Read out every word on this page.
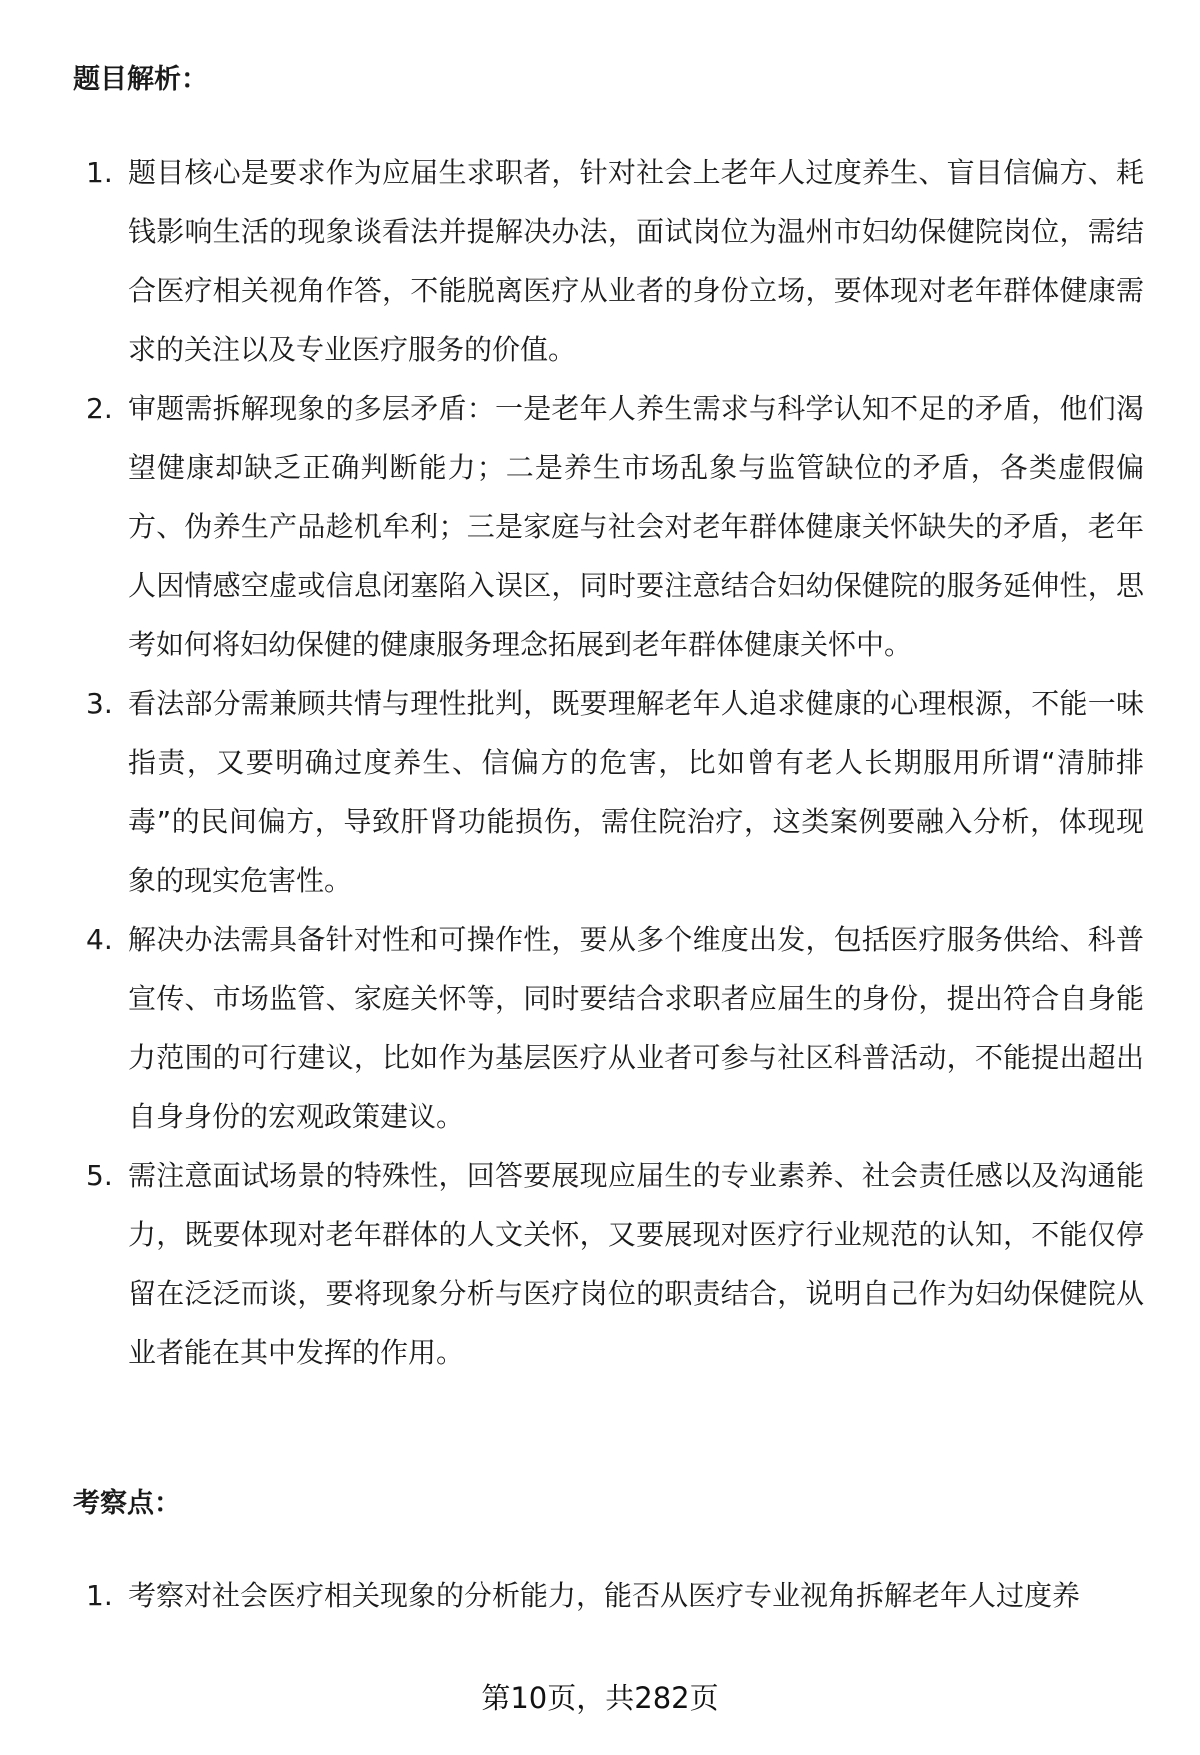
题目解析：
1. 题目核心是要求作为应届生求职者，针对社会上老年人过度养生、盲目信偏方、耗钱影响生活的现象谈看法并提解决办法，面试岗位为温州市妇幼保健院岗位，需结合医疗相关视角作答，不能脱离医疗从业者的身份立场，要体现对老年群体健康需求的关注以及专业医疗服务的价值。
2. 审题需拆解现象的多层矛盾：一是老年人养生需求与科学认知不足的矛盾，他们渴望健康却缺乏正确判断能力；二是养生市场乱象与监管缺位的矛盾，各类虚假偏方、伪养生产品趁机牟利；三是家庭与社会对老年群体健康关怀缺失的矛盾，老年人因情感空虚或信息闭塞陷入误区，同时要注意结合妇幼保健院的服务延伸性，思考如何将妇幼保健的健康服务理念拓展到老年群体健康关怀中。
3. 看法部分需兼顾共情与理性批判，既要理解老年人追求健康的心理根源，不能一味指责，又要明确过度养生、信偏方的危害，比如曾有老人长期服用所谓“清肺排毒”的民间偏方，导致肝肾功能损伤，需住院治疗，这类案例要融入分析，体现现象的现实危害性。
4. 解决办法需具备针对性和可操作性，要从多个维度出发，包括医疗服务供给、科普宣传、市场监管、家庭关怀等，同时要结合求职者应届生的身份，提出符合自身能力范围的可行建议，比如作为基层医疗从业者可参与社区科普活动，不能提出超出自身身份的宏观政策建议。
5. 需注意面试场景的特殊性，回答要展现应届生的专业素养、社会责任感以及沟通能力，既要体现对老年群体的人文关怀，又要展现对医疗行业规范的认知，不能仅停留在泛泛而谈，要将现象分析与医疗岗位的职责结合，说明自己作为妇幼保健院从业者能在其中发挥的作用。
考察点：
1. 考察对社会医疗相关现象的分析能力，能否从医疗专业视角拆解老年人过度养
第10页，共282页
